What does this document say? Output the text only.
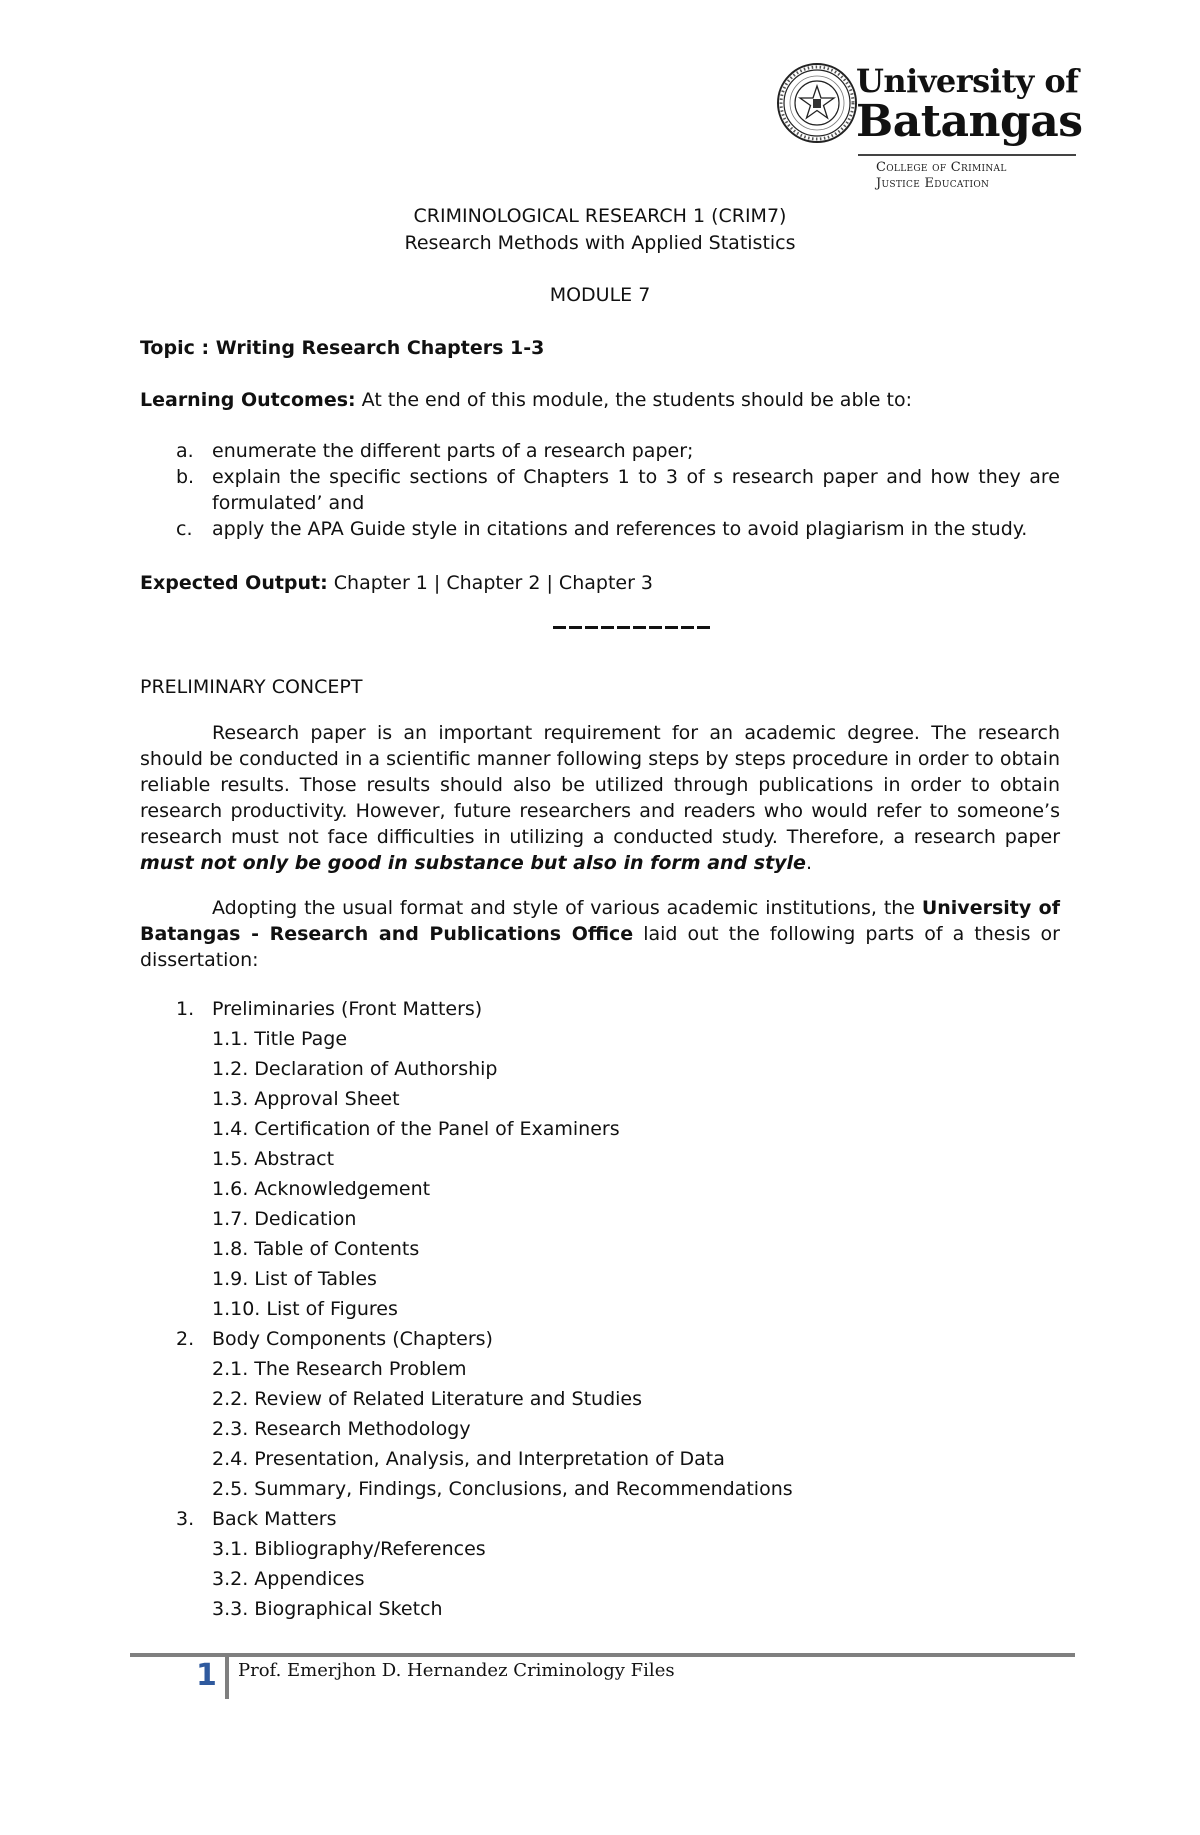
University of
Batangas
College of Criminal
Justice Education
CRIMINOLOGICAL RESEARCH 1 (CRIM7)
Research Methods with Applied Statistics
MODULE 7
Topic : Writing Research Chapters 1-3
Learning Outcomes: At the end of this module, the students should be able to:
a. enumerate the different parts of a research paper;
b. explain the specific sections of Chapters 1 to 3 of s research paper and how they are formulated’ and
c.	apply the APA Guide style in citations and references to avoid plagiarism in the study.
Expected Output: Chapter 1 | Chapter 2 | Chapter 3
PRELIMINARY CONCEPT
Research paper is an important requirement for an academic degree. The research should be conducted in a scientific manner following steps by steps procedure in order to obtain reliable results. Those results should also be utilized through publications in order to obtain research productivity. However, future researchers and readers who would refer to someone’s research must not face difficulties in utilizing a conducted study. Therefore, a research paper must not only be good in substance but also in form and style.
Adopting the usual format and style of various academic institutions, the University of Batangas - Research and Publications Office laid out the following parts of a thesis or dissertation:
1. Preliminaries (Front Matters)
1.1. Title Page
1.2. Declaration of Authorship
1.3. Approval Sheet
1.4. Certification of the Panel of Examiners
1.5. Abstract
1.6. Acknowledgement
1.7. Dedication
1.8. Table of Contents
1.9. List of Tables
1.10. List of Figures
2. Body Components (Chapters)
2.1. The Research Problem
2.2. Review of Related Literature and Studies
2.3. Research Methodology
2.4. Presentation, Analysis, and Interpretation of Data
2.5. Summary, Findings, Conclusions, and Recommendations
3. Back Matters
3.1. Bibliography/References
3.2. Appendices
3.3. Biographical Sketch
1 Prof. Emerjhon D. Hernandez Criminology Files
